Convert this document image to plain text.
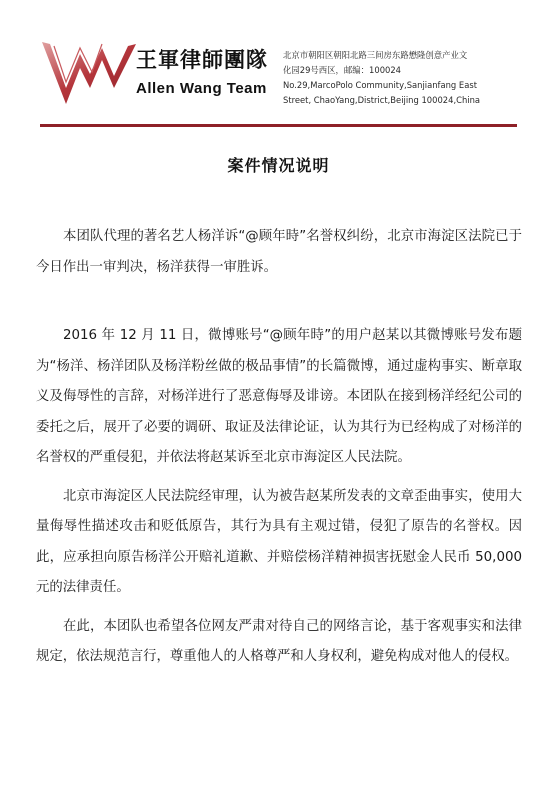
王軍律師團隊
Allen Wang Team
北京市朝阳区朝阳北路三间房东路懋隆创意产业文
化园29号西区，邮编：100024
No.29,MarcoPolo Community,Sanjianfang East
Street, ChaoYang,District,Beijing 100024,China
案件情况说明

本团队代理的著名艺人杨洋诉“@顾年時”名誉权纠纷，北京市海淀区法院已于今日作出一审判决，杨洋获得一审胜诉。

2016 年 12 月 11 日，微博账号“@顾年時”的用户赵某以其微博账号发布题为“杨洋、杨洋团队及杨洋粉丝做的极品事情”的长篇微博，通过虚构事实、断章取义及侮辱性的言辞，对杨洋进行了恶意侮辱及诽谤。本团队在接到杨洋经纪公司的委托之后，展开了必要的调研、取证及法律论证，认为其行为已经构成了对杨洋的名誉权的严重侵犯，并依法将赵某诉至北京市海淀区人民法院。

北京市海淀区人民法院经审理，认为被告赵某所发表的文章歪曲事实，使用大量侮辱性描述攻击和贬低原告，其行为具有主观过错，侵犯了原告的名誉权。因此，应承担向原告杨洋公开赔礼道歉、并赔偿杨洋精神损害抚慰金人民币 50,000 元的法律责任。

在此，本团队也希望各位网友严肃对待自己的网络言论，基于客观事实和法律规定，依法规范言行，尊重他人的人格尊严和人身权利，避免构成对他人的侵权。
